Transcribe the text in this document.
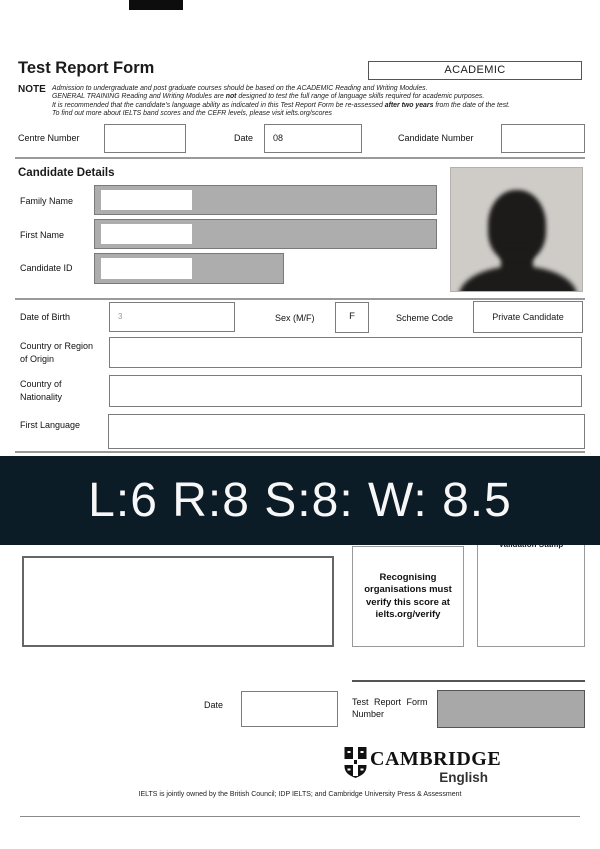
Test Report Form	ACADEMIC
NOTE Admission to undergraduate and post graduate courses should be based on the ACADEMIC Reading and Writing Modules.
GENERAL TRAINING Reading and Writing Modules are not designed to test the full range of language skills required for academic purposes.
It is recommended that the candidate's language ability as indicated in this Test Report Form be re-assessed after two years from the date of the test.
To find out more about IELTS band scores and the CEFR levels, please visit ielts.org/scores
Centre Number	Date	08	Candidate Number
Candidate Details
Family Name
First Name
Candidate ID
Date of Birth	3	Sex (M/F)	F	Scheme Code	Private Candidate
Country or Region
of Origin
Country of
Nationality
First Language
L:6 R:8 S:8: W: 8.5
Recognising organisations must verify this score at ielts.org/verify
Date	Test Report Form
Number
CAMBRIDGE
English
IELTS is jointly owned by the British Council; IDP IELTS; and Cambridge University Press & Assessment
